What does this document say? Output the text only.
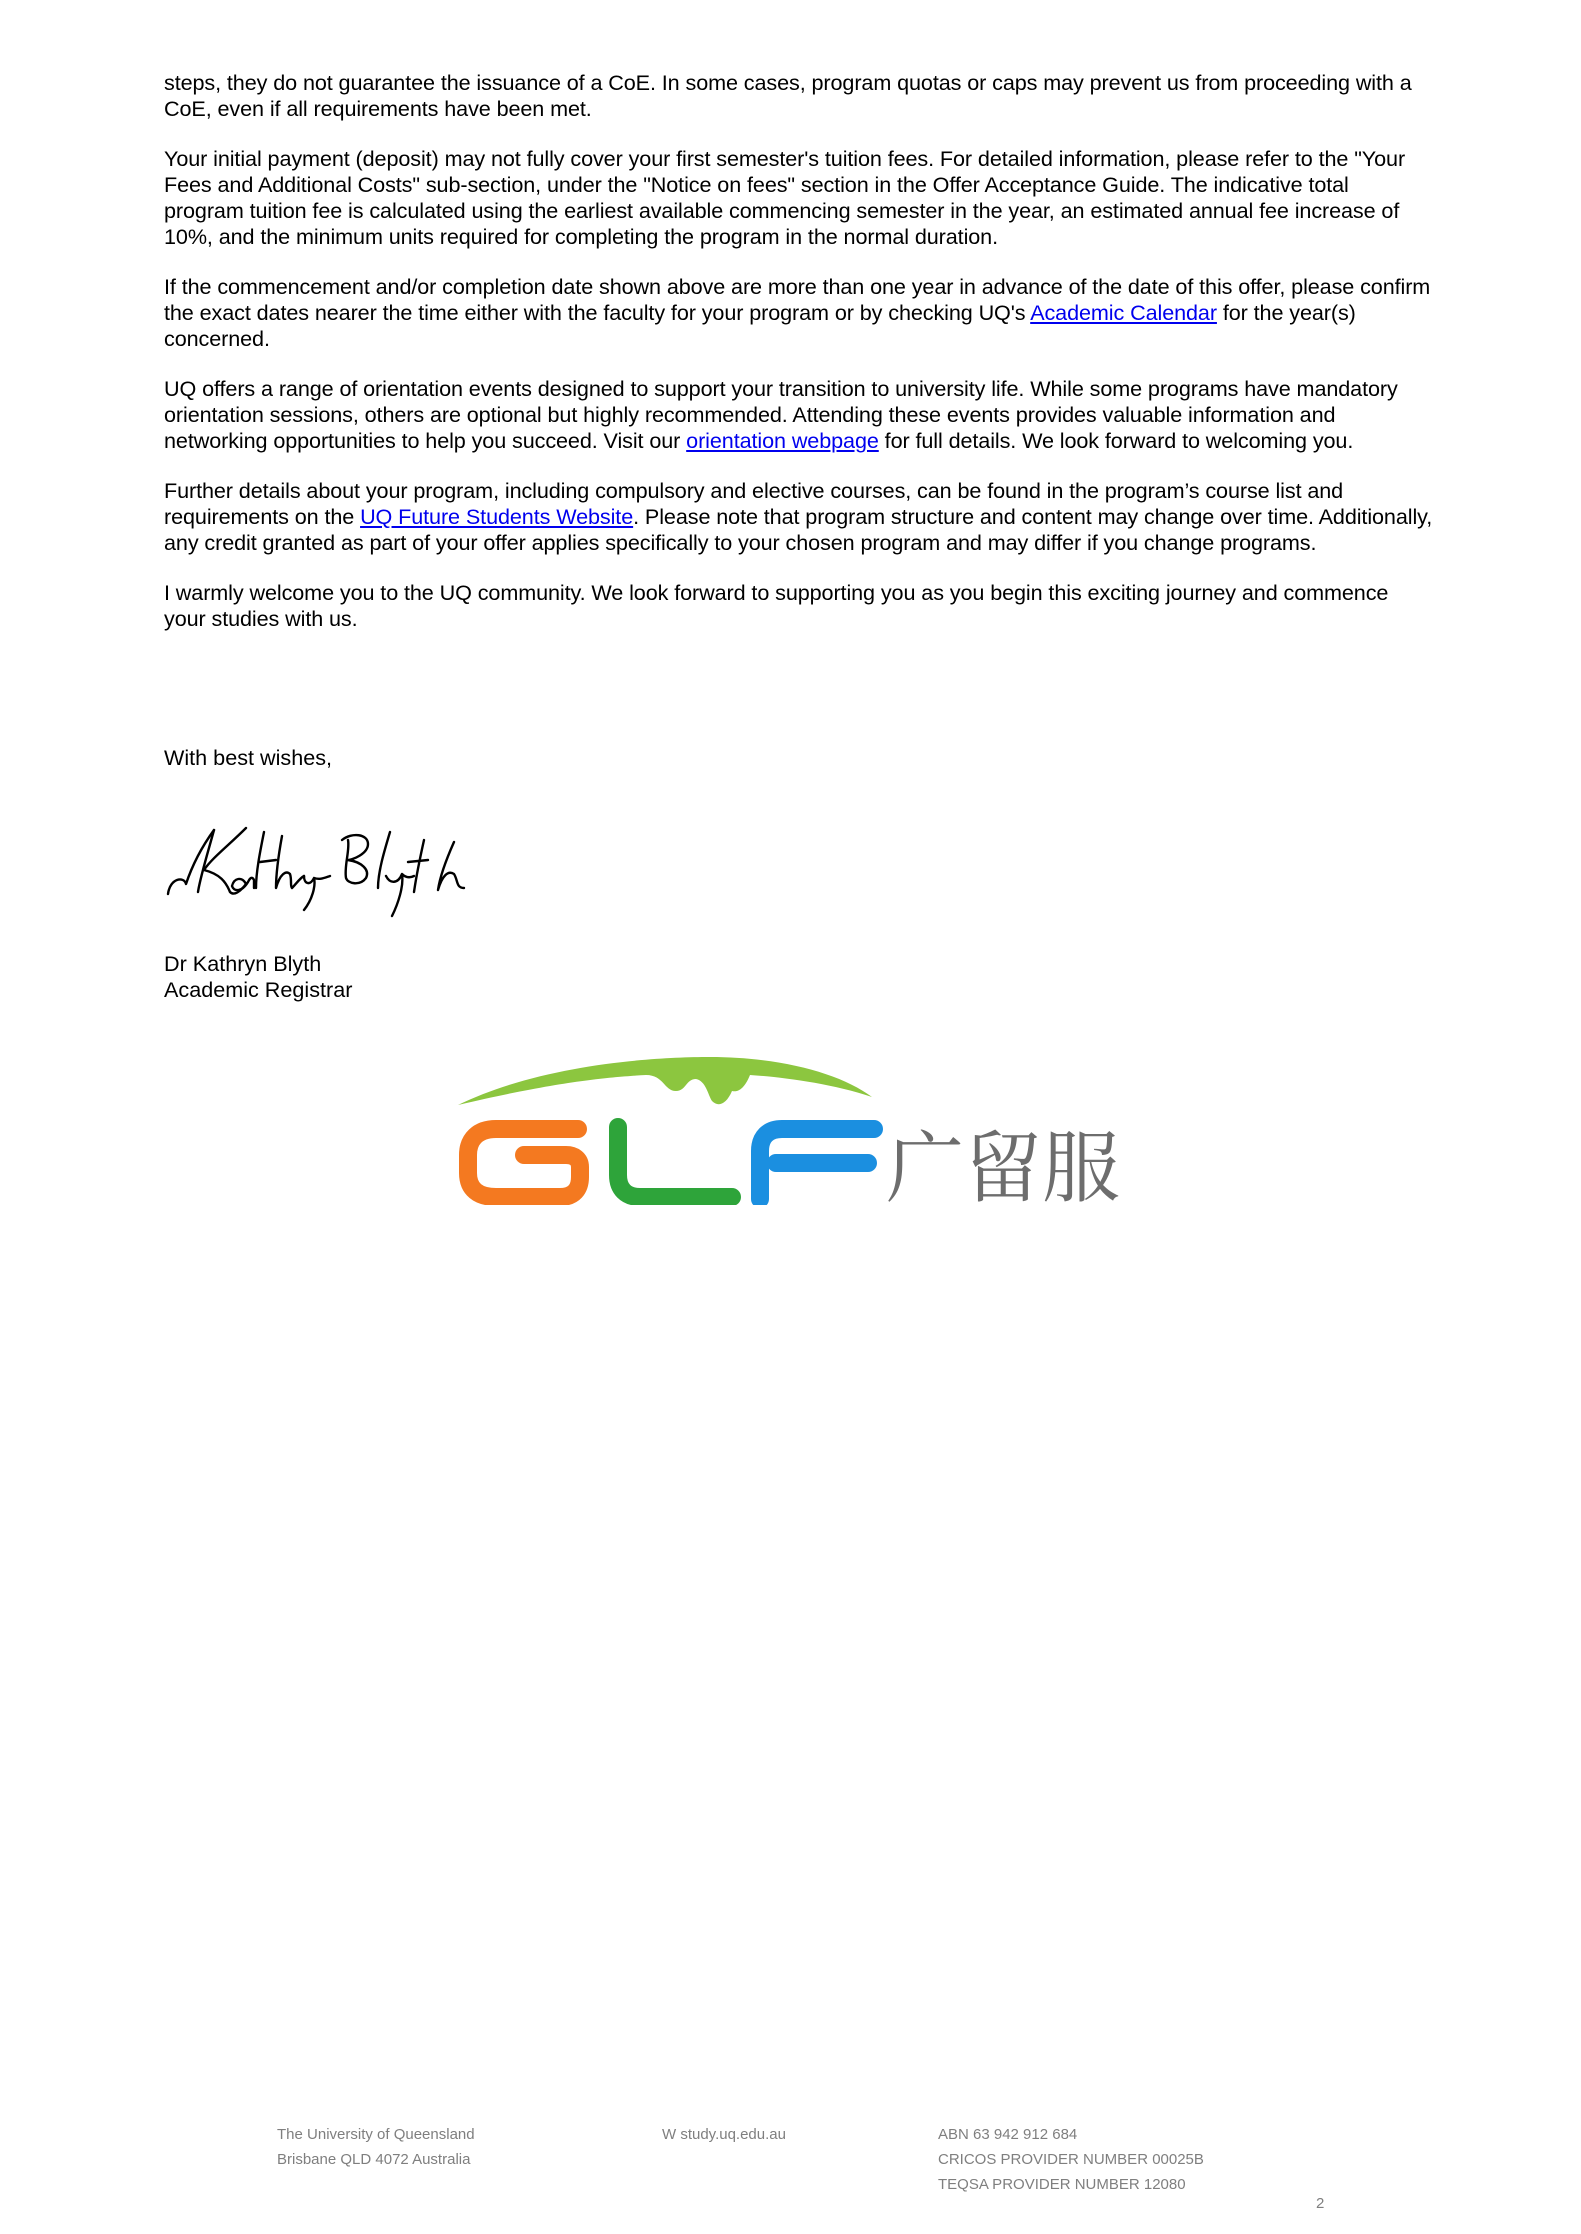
steps, they do not guarantee the issuance of a CoE. In some cases, program quotas or caps may prevent us from proceeding with a CoE, even if all requirements have been met.

Your initial payment (deposit) may not fully cover your first semester's tuition fees. For detailed information, please refer to the "Your Fees and Additional Costs" sub-section, under the "Notice on fees" section in the Offer Acceptance Guide. The indicative total program tuition fee is calculated using the earliest available commencing semester in the year, an estimated annual fee increase of 10%, and the minimum units required for completing the program in the normal duration.

If the commencement and/or completion date shown above are more than one year in advance of the date of this offer, please confirm the exact dates nearer the time either with the faculty for your program or by checking UQ's Academic Calendar for the year(s) concerned.

UQ offers a range of orientation events designed to support your transition to university life. While some programs have mandatory orientation sessions, others are optional but highly recommended. Attending these events provides valuable information and networking opportunities to help you succeed. Visit our orientation webpage for full details. We look forward to welcoming you.

Further details about your program, including compulsory and elective courses, can be found in the program’s course list and requirements on the UQ Future Students Website. Please note that program structure and content may change over time. Additionally, any credit granted as part of your offer applies specifically to your chosen program and may differ if you change programs.

I warmly welcome you to the UQ community. We look forward to supporting you as you begin this exciting journey and commence your studies with us.

With best wishes,
Dr Kathryn Blyth
Academic Registrar
广留服
The University of Queensland
Brisbane QLD 4072 Australia
W study.uq.edu.au	ABN 63 942 912 684
CRICOS PROVIDER NUMBER 00025B
TEQSA PROVIDER NUMBER 12080
2
